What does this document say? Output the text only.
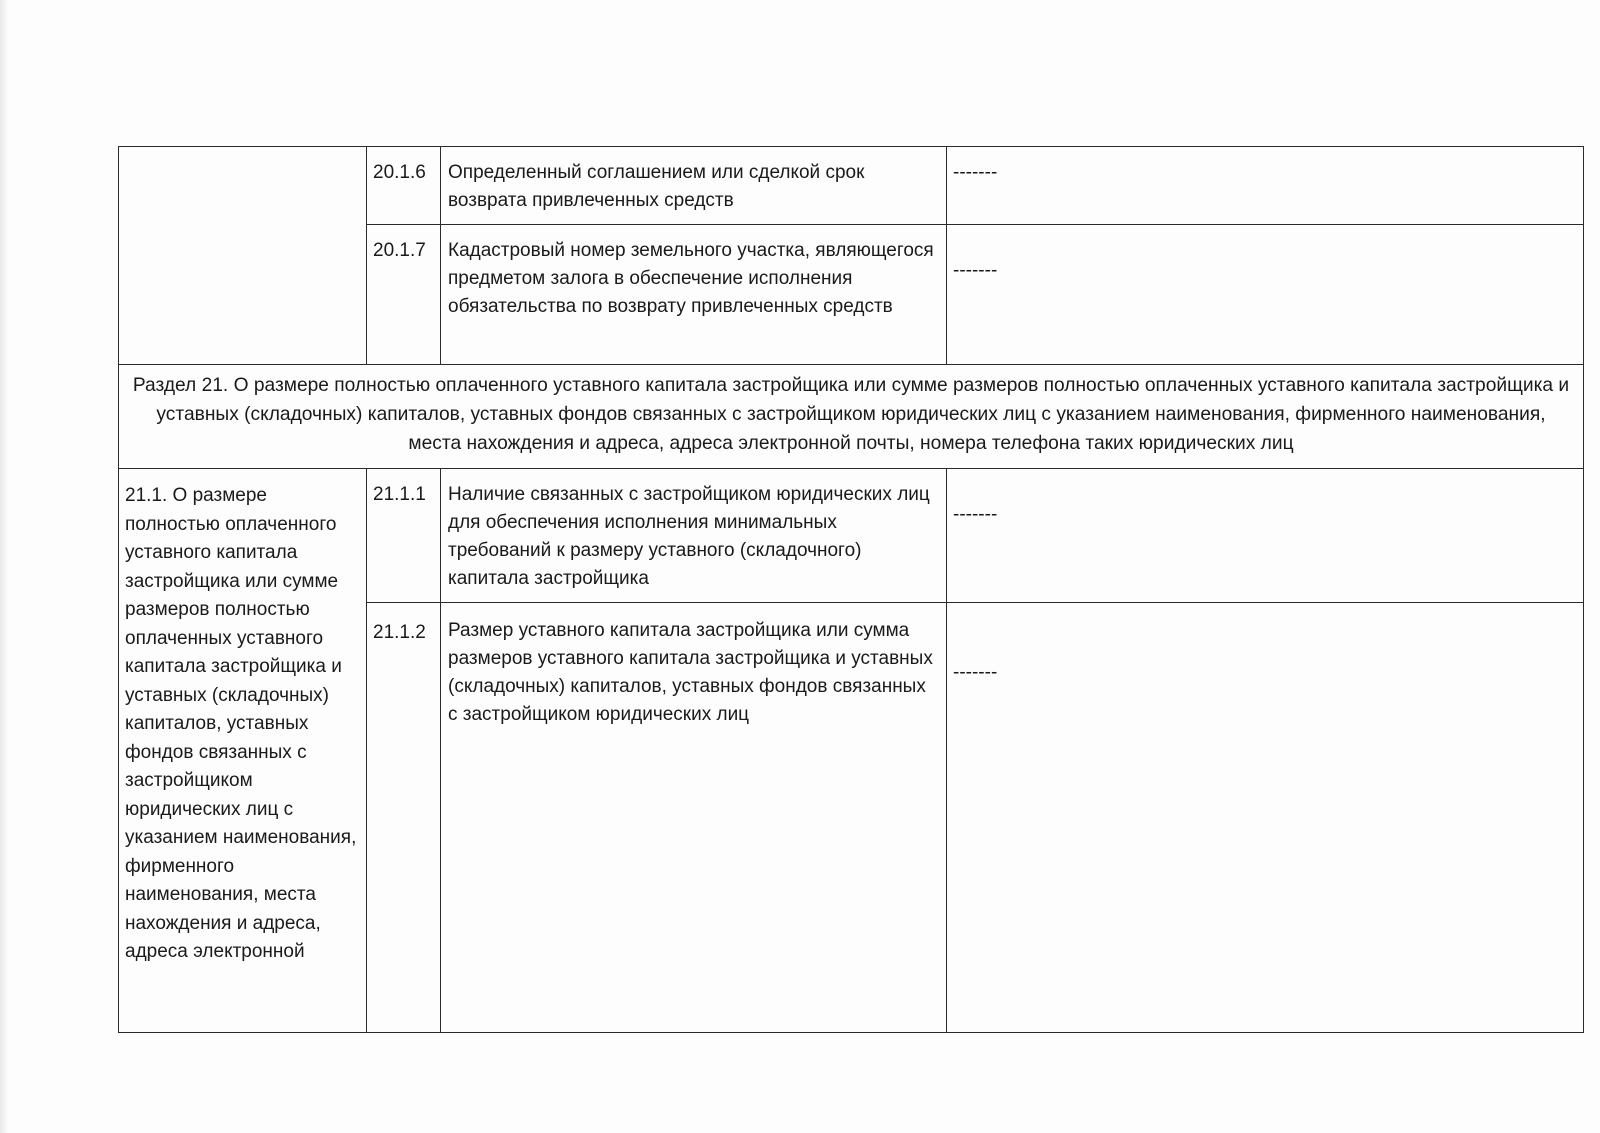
	20.1.6	Определенный соглашением или сделкой срок возврата привлеченных средств	-------

	20.1.7	Кадастровый номер земельного участка, являющегося предметом залога в обеспечение исполнения обязательства по возврату привлеченных средств	-------

Раздел 21. О размере полностью оплаченного уставного капитала застройщика или сумме размеров полностью оплаченных уставного капитала застройщика и уставных (складочных) капиталов, уставных фондов связанных с застройщиком юридических лиц с указанием наименования, фирменного наименования, места нахождения и адреса, адреса электронной почты, номера телефона таких юридических лиц			

21.1. О размере полностью оплаченного уставного капитала застройщика или сумме размеров полностью оплаченных уставного капитала застройщика и уставных (складочных) капиталов, уставных фондов связанных с застройщиком юридических лиц с указанием наименования, фирменного наименования, места нахождения и адреса, адреса электронной	21.1.1	Наличие связанных с застройщиком юридических лиц для обеспечения исполнения минимальных требований к размеру уставного (складочного) капитала застройщика	-------

	21.1.2	Размер уставного капитала застройщика или сумма размеров уставного капитала застройщика и уставных (складочных) капиталов, уставных фондов связанных с застройщиком юридических лиц	-------
